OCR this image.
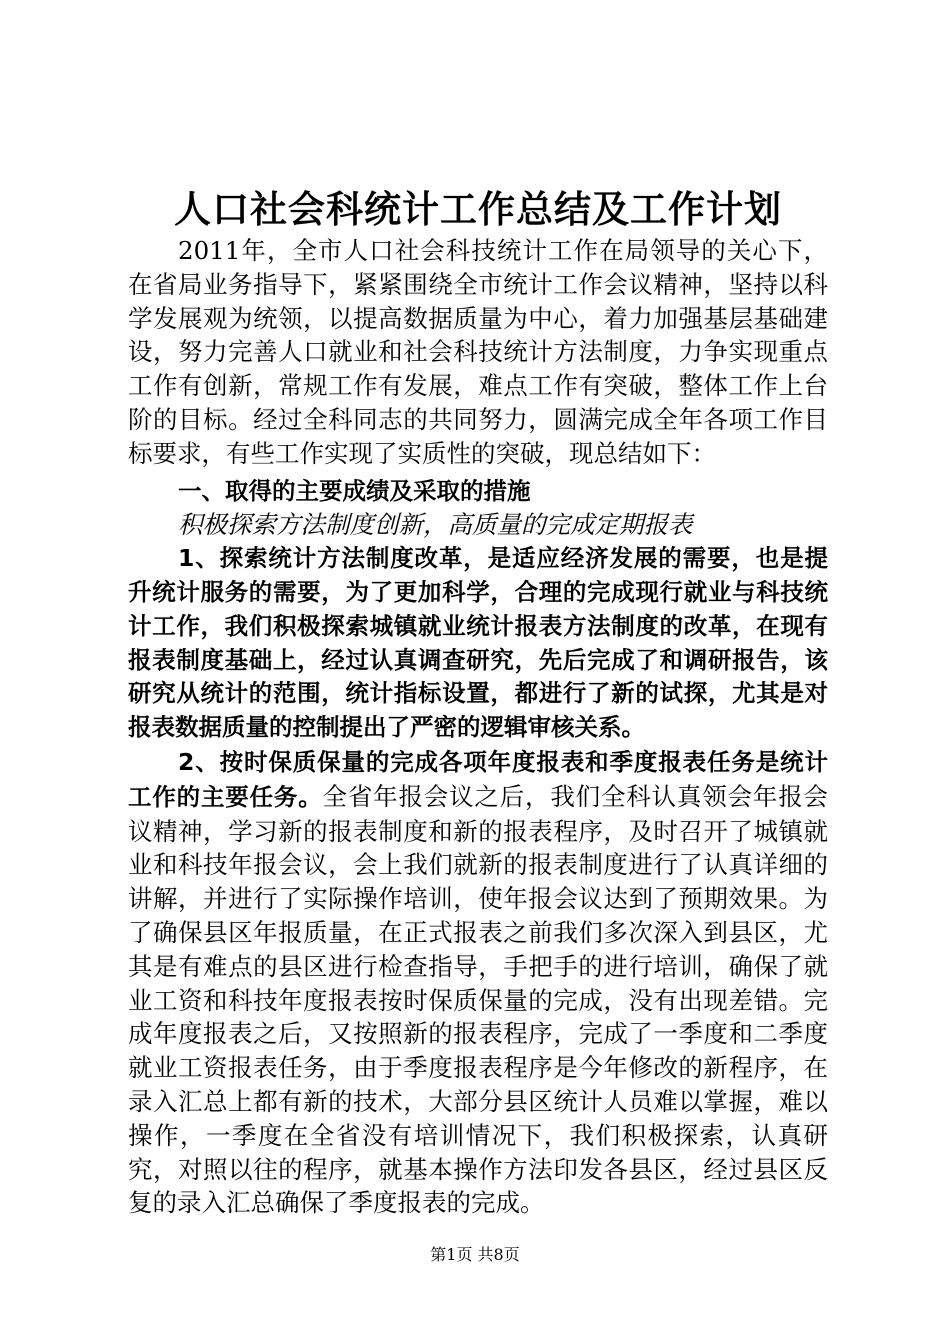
人口社会科统计工作总结及工作计划

2011年，全市人口社会科技统计工作在局领导的关心下，在省局业务指导下，紧紧围绕全市统计工作会议精神，坚持以科学发展观为统领，以提高数据质量为中心，着力加强基层基础建设，努力完善人口就业和社会科技统计方法制度，力争实现重点工作有创新，常规工作有发展，难点工作有突破，整体工作上台阶的目标。经过全科同志的共同努力，圆满完成全年各项工作目标要求，有些工作实现了实质性的突破，现总结如下：

一、取得的主要成绩及采取的措施

积极探索方法制度创新，高质量的完成定期报表

1、探索统计方法制度改革，是适应经济发展的需要，也是提升统计服务的需要，为了更加科学，合理的完成现行就业与科技统计工作，我们积极探索城镇就业统计报表方法制度的改革，在现有报表制度基础上，经过认真调查研究，先后完成了和调研报告，该研究从统计的范围，统计指标设置，都进行了新的试探，尤其是对报表数据质量的控制提出了严密的逻辑审核关系。

2、按时保质保量的完成各项年度报表和季度报表任务是统计工作的主要任务。全省年报会议之后，我们全科认真领会年报会议精神，学习新的报表制度和新的报表程序，及时召开了城镇就业和科技年报会议，会上我们就新的报表制度进行了认真详细的讲解，并进行了实际操作培训，使年报会议达到了预期效果。为了确保县区年报质量，在正式报表之前我们多次深入到县区，尤其是有难点的县区进行检查指导，手把手的进行培训，确保了就业工资和科技年度报表按时保质保量的完成，没有出现差错。完成年度报表之后，又按照新的报表程序，完成了一季度和二季度就业工资报表任务，由于季度报表程序是今年修改的新程序，在录入汇总上都有新的技术，大部分县区统计人员难以掌握，难以操作，一季度在全省没有培训情况下，我们积极探索，认真研究，对照以往的程序，就基本操作方法印发各县区，经过县区反复的录入汇总确保了季度报表的完成。

第1页 共8页
